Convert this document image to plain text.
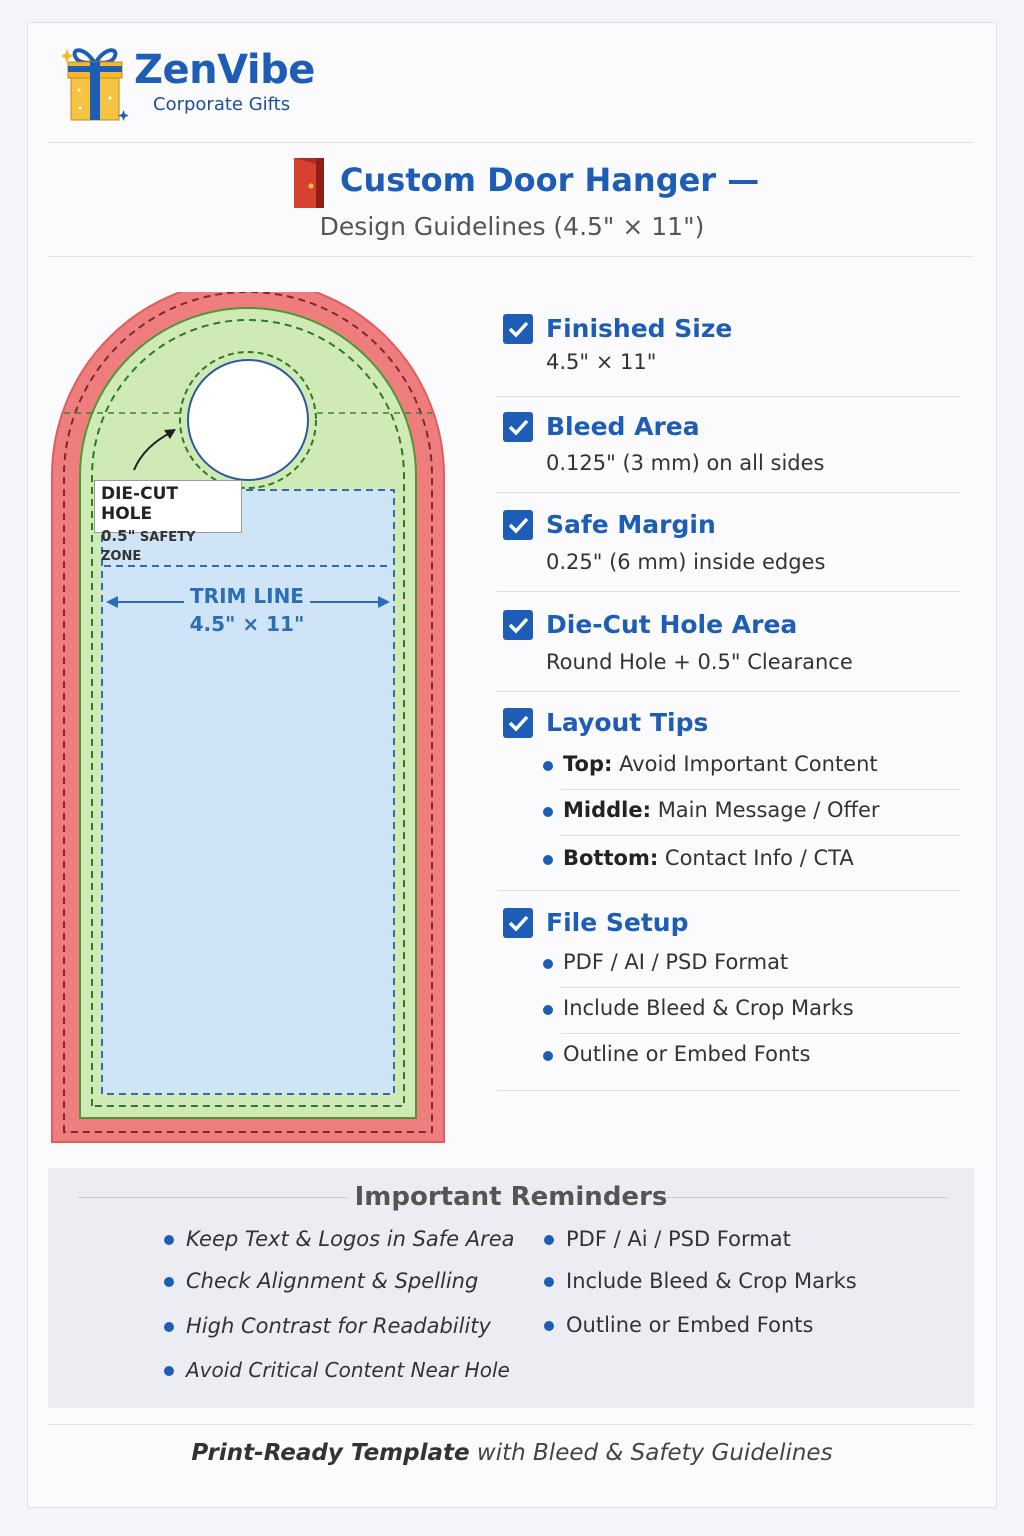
ZenVibe
Corporate Gifts
Custom Door Hanger —
Design Guidelines (4.5" × 11")
DIE-CUT HOLE
0.5" SAFETY ZONE
TRIM LINE
4.5" × 11"
Finished Size
4.5" × 11"
Bleed Area
0.125" (3 mm) on all sides
Safe Margin
0.25" (6 mm) inside edges
Die-Cut Hole Area
Round Hole + 0.5" Clearance
Layout Tips
Top: Avoid Important Content
Middle: Main Message / Offer
Bottom: Contact Info / CTA
File Setup
PDF / AI / PSD Format
Include Bleed & Crop Marks
Outline or Embed Fonts
Important Reminders
Keep Text & Logos in Safe Area
Check Alignment & Spelling
High Contrast for Readability
Avoid Critical Content Near Hole
PDF / Ai / PSD Format
Include Bleed & Crop Marks
Outline or Embed Fonts
Print-Ready Template with Bleed & Safety Guidelines
